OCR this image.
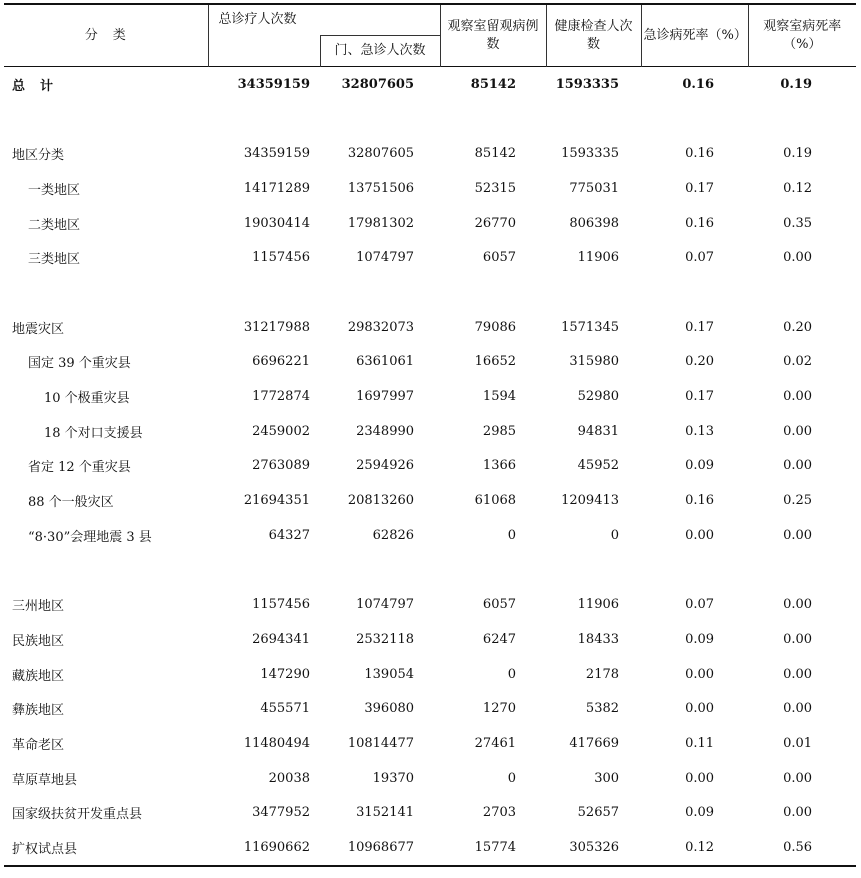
分　类	总诊疗人次数		观察室留观病例数	健康检查人次数	急诊病死率（%）	观察室病死率（%）
		门、急诊人次数				
总　计	34359159	32807605	85142	1593335	0.16	0.19

地区分类	34359159	32807605	85142	1593335	0.16	0.19
一类地区	14171289	13751506	52315	775031	0.17	0.12
二类地区	19030414	17981302	26770	806398	0.16	0.35
三类地区	1157456	1074797	6057	11906	0.07	0.00

地震灾区	31217988	29832073	79086	1571345	0.17	0.20
国定 39 个重灾县	6696221	6361061	16652	315980	0.20	0.02
10 个极重灾县	1772874	1697997	1594	52980	0.17	0.00
18 个对口支援县	2459002	2348990	2985	94831	0.13	0.00
省定 12 个重灾县	2763089	2594926	1366	45952	0.09	0.00
88 个一般灾区	21694351	20813260	61068	1209413	0.16	0.25
“8·30”会理地震 3 县	64327	62826	0	0	0.00	0.00

三州地区	1157456	1074797	6057	11906	0.07	0.00
民族地区	2694341	2532118	6247	18433	0.09	0.00
藏族地区	147290	139054	0	2178	0.00	0.00
彝族地区	455571	396080	1270	5382	0.00	0.00
革命老区	11480494	10814477	27461	417669	0.11	0.01
草原草地县	20038	19370	0	300	0.00	0.00
国家级扶贫开发重点县	3477952	3152141	2703	52657	0.09	0.00
扩权试点县	11690662	10968677	15774	305326	0.12	0.56
